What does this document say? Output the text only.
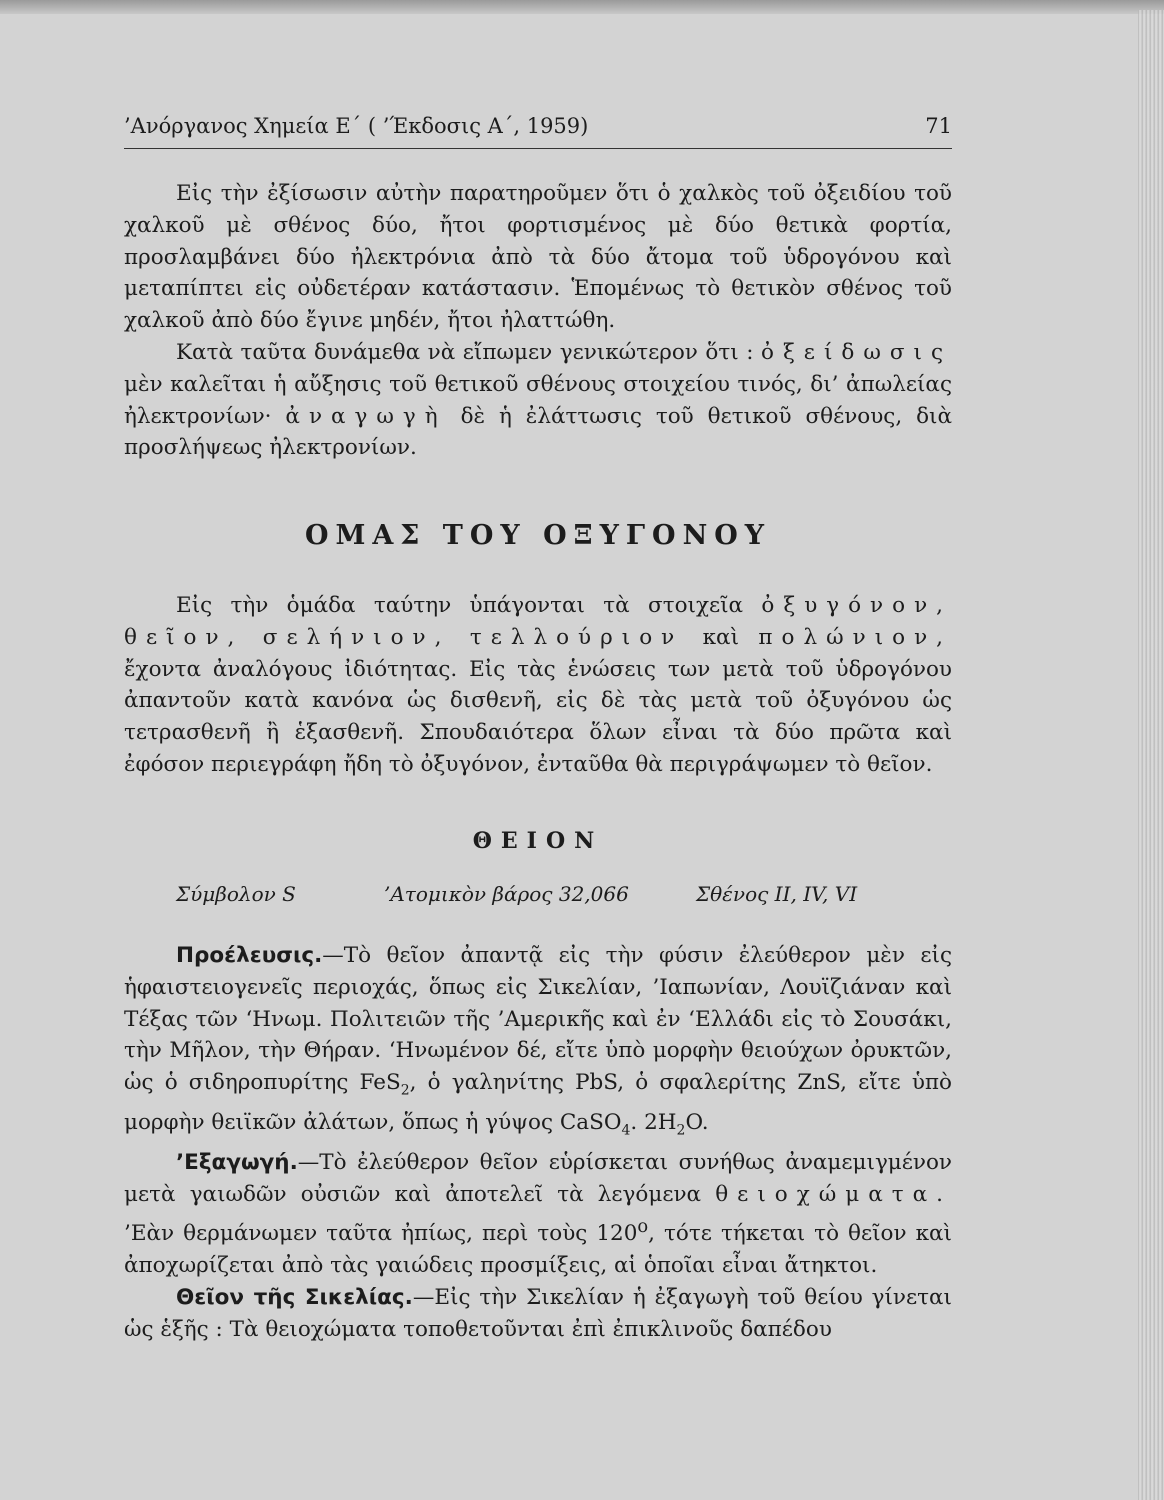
’Ανόργανος Χημεία Ε΄ ( ’Έκδοσις Α΄, 1959)	71

Εἰς τὴν ἐξίσωσιν αὐτὴν παρατηροῦμεν ὅτι ὁ χαλκὸς τοῦ ὀξειδίου τοῦ χαλκοῦ μὲ σθένος δύο, ἤτοι φορτισμένος μὲ δύο θετικὰ φορτία, προσλαμβάνει δύο ἠλεκτρόνια ἀπὸ τὰ δύο ἄτομα τοῦ ὑδρογόνου καὶ μεταπίπτει εἰς οὐδετέραν κατάστασιν. Ἑπομένως τὸ θετικὸν σθένος τοῦ χαλκοῦ ἀπὸ δύο ἔγινε μηδέν, ἤτοι ἠλαττώθη.

Κατὰ ταῦτα δυνάμεθα νὰ εἴπωμεν γενικώτερον ὅτι : ὀξείδωσις μὲν καλεῖται ἡ αὔξησις τοῦ θετικοῦ σθένους στοιχείου τινός, δι’ ἀπωλείας ἠλεκτρονίων· ἀναγωγὴ δὲ ἡ ἐλάττωσις τοῦ θετικοῦ σθένους, διὰ προσλήψεως ἠλεκτρονίων.

ΟΜΑΣ ΤΟΥ ΟΞΥΓΟΝΟΥ

Εἰς τὴν ὁμάδα ταύτην ὑπάγονται τὰ στοιχεῖα ὀξυγόνον, θεῖον, σελήνιον, τελλούριον καὶ πολώνιον, ἔχοντα ἀναλόγους ἰδιότητας. Εἰς τὰς ἑνώσεις των μετὰ τοῦ ὑδρογόνου ἀπαντοῦν κατὰ κανόνα ὡς δισθενῆ, εἰς δὲ τὰς μετὰ τοῦ ὀξυγόνου ὡς τετρασθενῆ ἢ ἑξασθενῆ. Σπουδαιότερα ὅλων εἶναι τὰ δύο πρῶτα καὶ ἐφόσον περιεγράφη ἤδη τὸ ὀξυγόνον, ἐνταῦθα θὰ περιγράψωμεν τὸ θεῖον.

ΘΕΙΟΝ
Σύμβολον S	’Ατομικὸν βάρος 32,066	Σθένος II, IV, VI

Προέλευσις.—Τὸ θεῖον ἀπαντᾷ εἰς τὴν φύσιν ἐλεύθερον μὲν εἰς ἡφαιστειογενεῖς περιοχάς, ὅπως εἰς Σικελίαν, ’Ιαπωνίαν, Λουϊζιάναν καὶ Τέξας τῶν ‘Ηνωμ. Πολιτειῶν τῆς ’Αμερικῆς καὶ ἐν ‘Ελλάδι εἰς τὸ Σουσάκι, τὴν Μῆλον, τὴν Θήραν. ‘Ηνωμένον δέ, εἴτε ὑπὸ μορφὴν θειούχων ὀρυκτῶν, ὡς ὁ σιδηροπυρίτης FeS$_2$, ὁ γαληνίτης PbS, ὁ σφαλερίτης ZnS, εἴτε ὑπὸ μορφὴν θειϊκῶν ἀλάτων, ὅπως ἡ γύψος CaSO$_4$. $2H_2O$.

’Εξαγωγή.—Τὸ ἐλεύθερον θεῖον εὑρίσκεται συνήθως ἀναμεμιγμένον μετὰ γαιωδῶν οὐσιῶν καὶ ἀποτελεῖ τὰ λεγόμενα θειοχώματα. ’Εὰν θερμάνωμεν ταῦτα ἠπίως, περὶ τοὺς $120^o$, τότε τήκεται τὸ θεῖον καὶ ἀποχωρίζεται ἀπὸ τὰς γαιώδεις προσμίξεις, αἱ ὁποῖαι εἶναι ἄτηκτοι.

Θεῖον τῆς Σικελίας.—Εἰς τὴν Σικελίαν ἡ ἐξαγωγὴ τοῦ θείου γίνεται ὡς ἑξῆς : Τὰ θειοχώματα τοποθετοῦνται ἐπὶ ἐπικλινοῦς δαπέδου
